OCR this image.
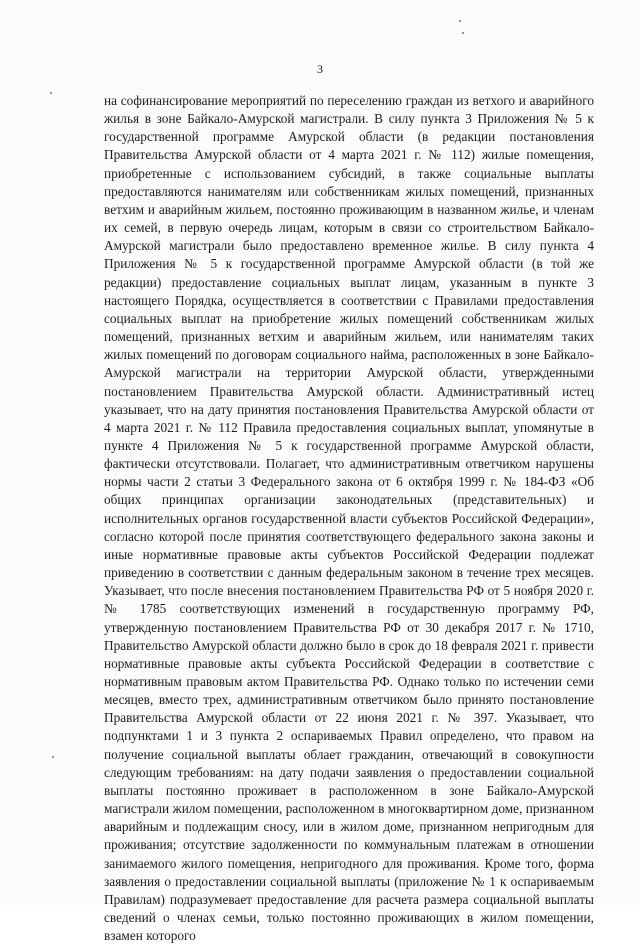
3

на софинансирование мероприятий по переселению граждан из ветхого и аварийного жилья в зоне Байкало-Амурской магистрали. В силу пункта 3 Приложения № 5 к государственной программе Амурской области (в редакции постановления Правительства Амурской области от 4 марта 2021 г. № 112) жилые помещения, приобретенные с использованием субсидий, в также социальные выплаты предоставляются нанимателям или собственникам жилых помещений, признанных ветхим и аварийным жильем, постоянно проживающим в названном жилье, и членам их семей, в первую очередь лицам, которым в связи со строительством Байкало-Амурской магистрали было предоставлено временное жилье. В силу пункта 4 Приложения № 5 к государственной программе Амурской области (в той же редакции) предоставление социальных выплат лицам, указанным в пункте 3 настоящего Порядка, осуществляется в соответствии с Правилами предоставления социальных выплат на приобретение жилых помещений собственникам жилых помещений, признанных ветхим и аварийным жильем, или нанимателям таких жилых помещений по договорам социального найма, расположенных в зоне Байкало-Амурской магистрали на территории Амурской области, утвержденными постановлением Правительства Амурской области. Административный истец указывает, что на дату принятия постановления Правительства Амурской области от 4 марта 2021 г. № 112 Правила предоставления социальных выплат, упомянутые в пункте 4 Приложения № 5 к государственной программе Амурской области, фактически отсутствовали. Полагает, что административным ответчиком нарушены нормы части 2 статьи 3 Федерального закона от 6 октября 1999 г. № 184-ФЗ «Об общих принципах организации законодательных (представительных) и исполнительных органов государственной власти субъектов Российской Федерации», согласно которой после принятия соответствующего федерального закона законы и иные нормативные правовые акты субъектов Российской Федерации подлежат приведению в соответствии с данным федеральным законом в течение трех месяцев. Указывает, что после внесения постановлением Правительства РФ от 5 ноября 2020 г. № 1785 соответствующих изменений в государственную программу РФ, утвержденную постановлением Правительства РФ от 30 декабря 2017 г. № 1710, Правительство Амурской области должно было в срок до 18 февраля 2021 г. привести нормативные правовые акты субъекта Российской Федерации в соответствие с нормативным правовым актом Правительства РФ. Однако только по истечении семи месяцев, вместо трех, административным ответчиком было принято постановление Правительства Амурской области от 22 июня 2021 г. № 397. Указывает, что подпунктами 1 и 3 пункта 2 оспариваемых Правил определено, что правом на получение социальной выплаты облает гражданин, отвечающий в совокупности следующим требованиям: на дату подачи заявления о предоставлении социальной выплаты постоянно проживает в расположенном в зоне Байкало-Амурской магистрали жилом помещении, расположенном в многоквартирном доме, признанном аварийным и подлежащим сносу, или в жилом доме, признанном непригодным для проживания; отсутствие задолженности по коммунальным платежам в отношении занимаемого жилого помещения, непригодного для проживания. Кроме того, форма заявления о предоставлении социальной выплаты (приложение № 1 к оспариваемым Правилам) подразумевает предоставление для расчета размера социальной выплаты сведений о членах семьи, только постоянно проживающих в жилом помещении, взамен которого
